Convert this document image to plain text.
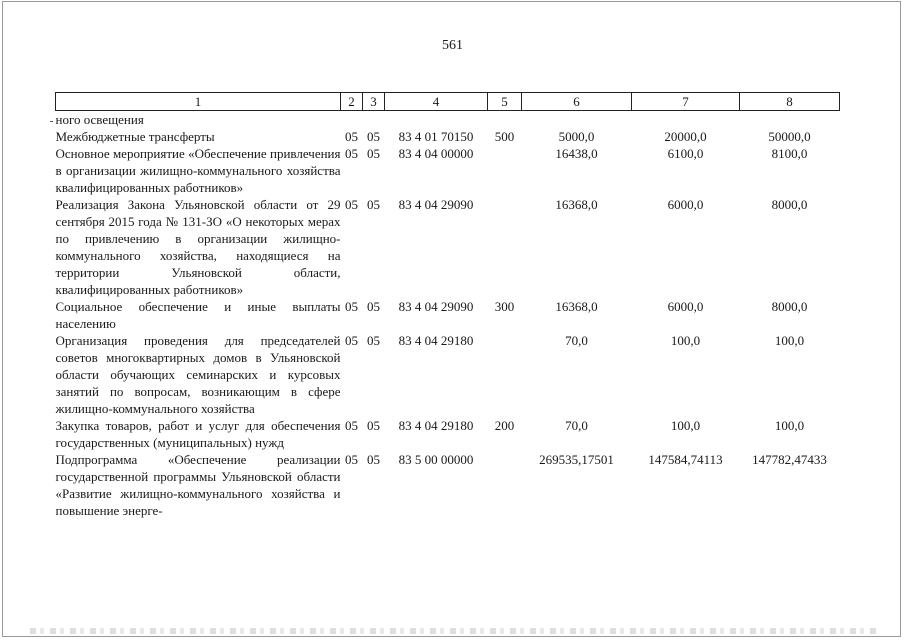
561
1	2	3	4	5	6	7	8
ного освещения							
Межбюджетные трансферты	05	05	83 4 01 70150	500	5000,0	20000,0	50000,0
Основное мероприятие «Обеспечение привлечения в организации жилищно-коммунального хозяйства квалифицированных работников»	05	05	83 4 04 00000		16438,0	6100,0	8100,0
Реализация Закона Ульяновской области от 29 сентября 2015 года № 131-ЗО «О некоторых мерах по привлечению в организации жилищно-коммунального хозяйства, находящиеся на территории Ульяновской области, квалифицированных работников»	05	05	83 4 04 29090		16368,0	6000,0	8000,0
Социальное обеспечение и иные выплаты населению	05	05	83 4 04 29090	300	16368,0	6000,0	8000,0
Организация проведения для председателей советов многоквартирных домов в Ульяновской области обучающих семинарских и курсовых занятий по вопросам, возникающим в сфере жилищно-коммунального хозяйства	05	05	83 4 04 29180		70,0	100,0	100,0
Закупка товаров, работ и услуг для обеспечения государственных (муниципальных) нужд	05	05	83 4 04 29180	200	70,0	100,0	100,0
Подпрограмма «Обеспечение реализации государственной программы Ульяновской области «Развитие жилищно-коммунального хозяйства и повышение энерге-	05	05	83 5 00 00000		269535,17501	147584,74113	147782,47433
